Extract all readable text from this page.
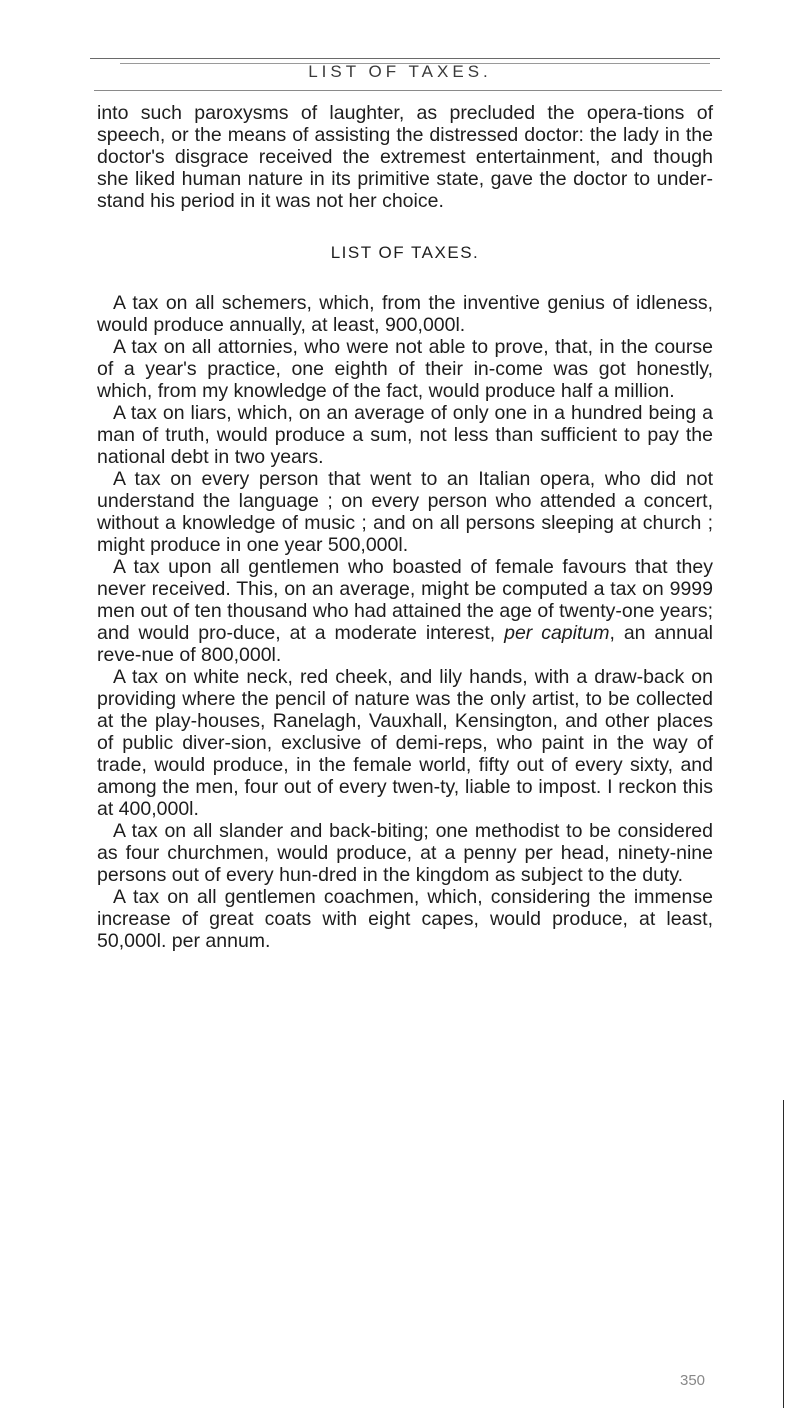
LIST OF TAXES.

into such paroxysms of laughter, as precluded the opera-tions of speech, or the means of assisting the distressed doctor: the lady in the doctor's disgrace received the extremest entertainment, and though she liked human nature in its primitive state, gave the doctor to under-stand his period in it was not her choice.

LIST OF TAXES.

A tax on all schemers, which, from the inventive genius of idleness, would produce annually, at least, 900,000l.

A tax on all attornies, who were not able to prove, that, in the course of a year's practice, one eighth of their in-come was got honestly, which, from my knowledge of the fact, would produce half a million.

A tax on liars, which, on an average of only one in a hundred being a man of truth, would produce a sum, not less than sufficient to pay the national debt in two years.

A tax on every person that went to an Italian opera, who did not understand the language ; on every person who attended a concert, without a knowledge of music ; and on all persons sleeping at church ; might produce in one year 500,000l.

A tax upon all gentlemen who boasted of female favours that they never received. This, on an average, might be computed a tax on 9999 men out of ten thousand who had attained the age of twenty-one years; and would pro-duce, at a moderate interest, per capitum, an annual reve-nue of 800,000l.

A tax on white neck, red cheek, and lily hands, with a draw-back on providing where the pencil of nature was the only artist, to be collected at the play-houses, Ranelagh, Vauxhall, Kensington, and other places of public diver-sion, exclusive of demi-reps, who paint in the way of trade, would produce, in the female world, fifty out of every sixty, and among the men, four out of every twen-ty, liable to impost. I reckon this at 400,000l.

A tax on all slander and back-biting; one methodist to be considered as four churchmen, would produce, at a penny per head, ninety-nine persons out of every hun-dred in the kingdom as subject to the duty.

A tax on all gentlemen coachmen, which, considering the immense increase of great coats with eight capes, would produce, at least, 50,000l. per annum.

350
